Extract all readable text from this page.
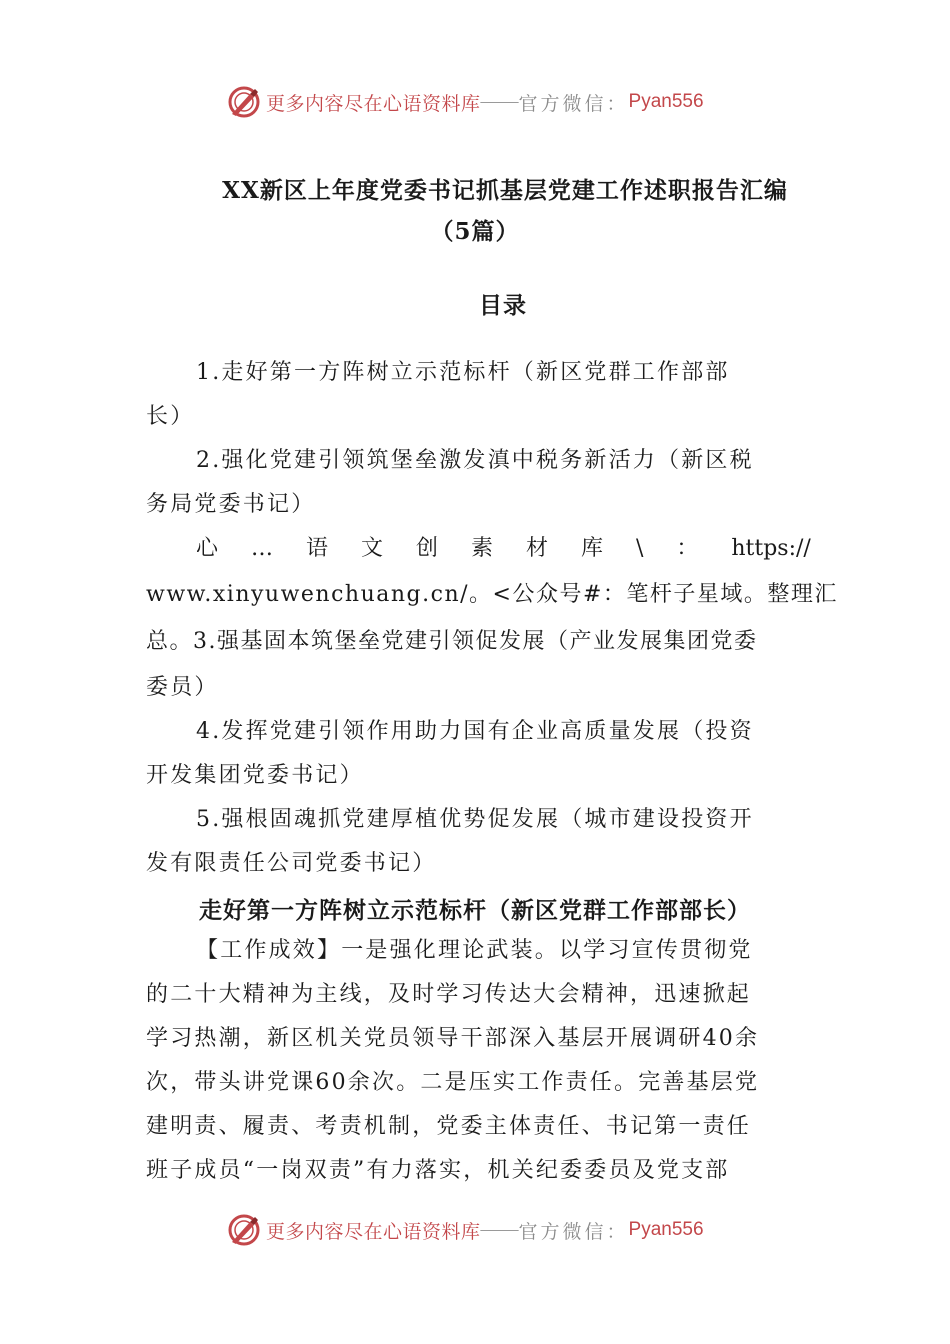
更多内容尽在心语资料库 —— 官方微信： Pyan556
XX新区上年度党委书记抓基层党建工作述职报告汇编
（5篇）
目录
1.走好第一方阵树立示范标杆（新区党群工作部部
长）
2.强化党建引领筑堡垒激发滇中税务新活力（新区税
务局党委书记）
心 … 语 文 创 素 材 库 \ ： https://
www.xinyuwenchuang.cn/。<公众号#：笔杆子星域。整理汇
总。3.强基固本筑堡垒党建引领促发展（产业发展集团党委
委员）
4.发挥党建引领作用助力国有企业高质量发展（投资
开发集团党委书记）
5.强根固魂抓党建厚植优势促发展（城市建设投资开
发有限责任公司党委书记）
走好第一方阵树立示范标杆（新区党群工作部部长）
【工作成效】一是强化理论武装。以学习宣传贯彻党
的二十大精神为主线，及时学习传达大会精神，迅速掀起
学习热潮，新区机关党员领导干部深入基层开展调研40余
次，带头讲党课60余次。二是压实工作责任。完善基层党
建明责、履责、考责机制，党委主体责任、书记第一责任
班子成员“一岗双责”有力落实，机关纪委委员及党支部
更多内容尽在心语资料库 —— 官方微信： Pyan556
